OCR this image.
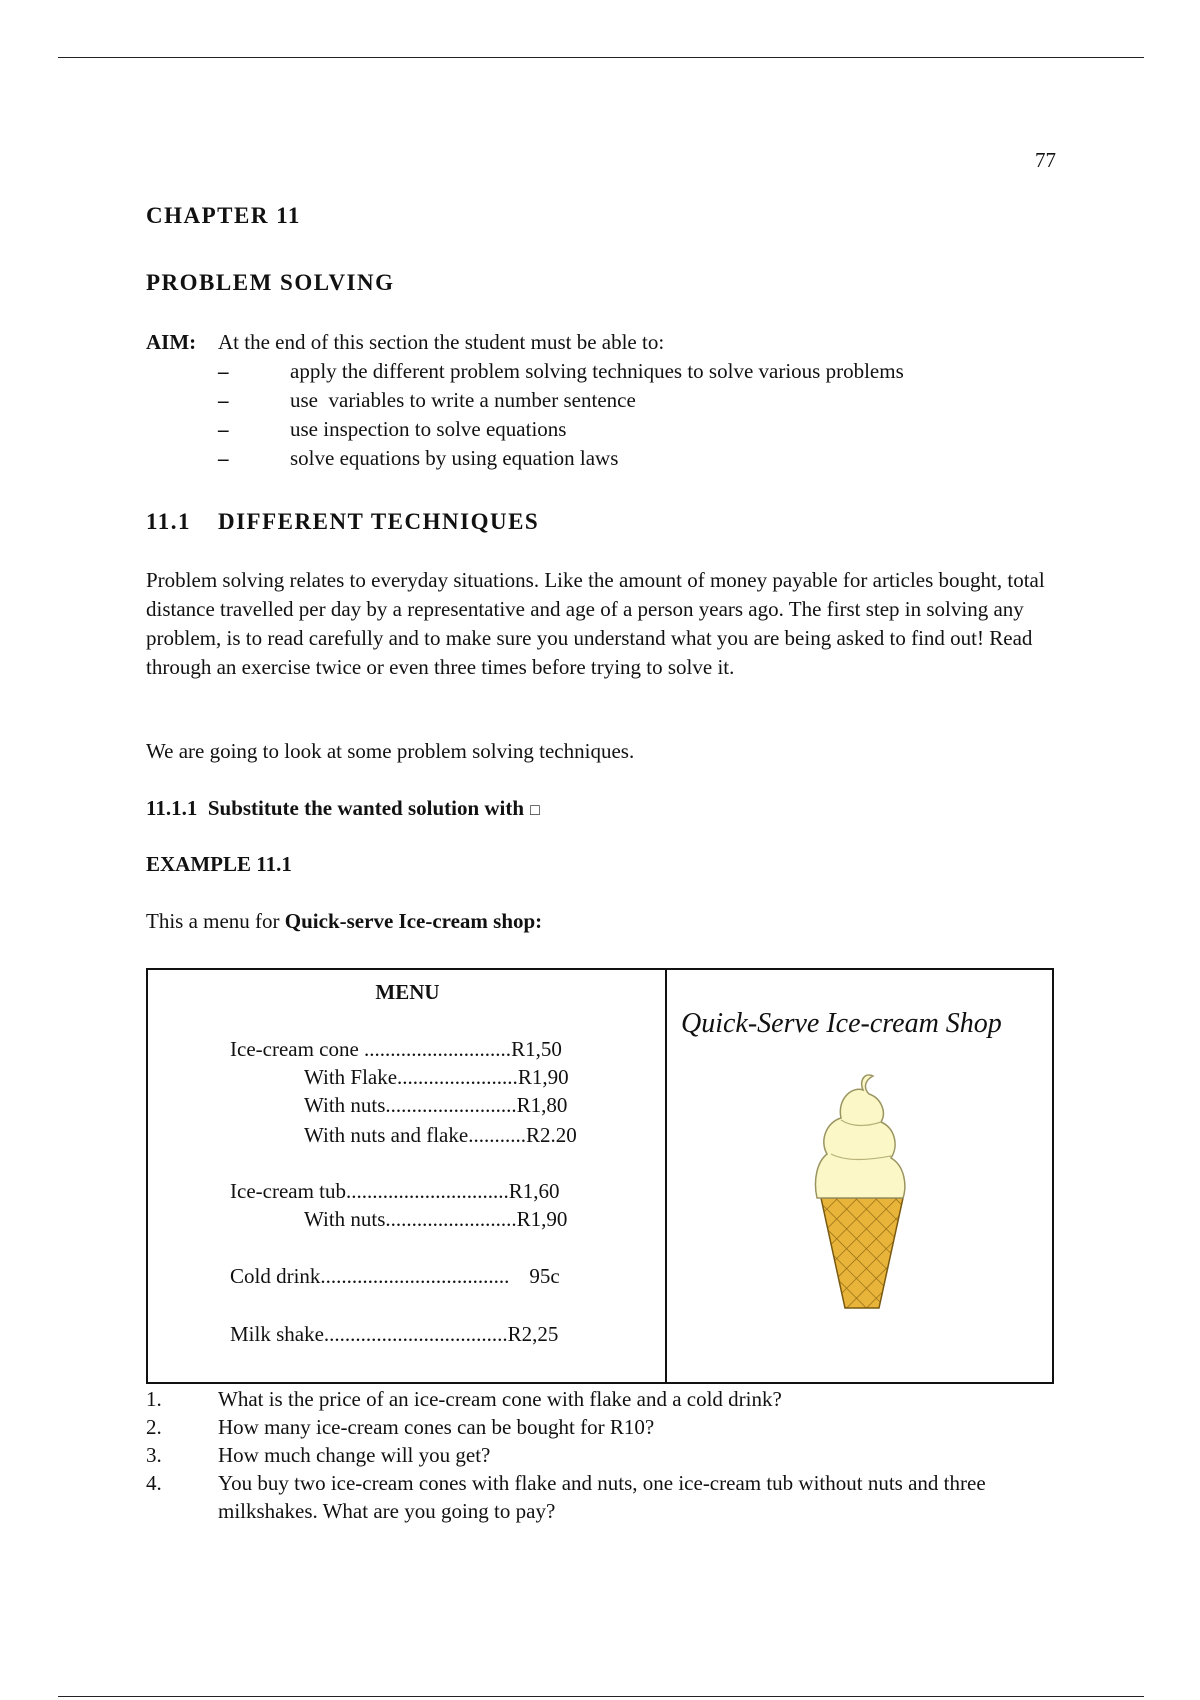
77
CHAPTER 11
PROBLEM SOLVING
AIM: At the end of this section the student must be able to:
–	apply the different problem solving techniques to solve various problems
–	use  variables to write a number sentence
–	use inspection to solve equations
–	solve equations by using equation laws
11.1 DIFFERENT TECHNIQUES
Problem solving relates to everyday situations. Like the amount of money payable for articles bought, total distance travelled per day by a representative and age of a person years ago. The first step in solving any problem, is to read carefully and to make sure you understand what you are being asked to find out! Read through an exercise twice or even three times before trying to solve it.
We are going to look at some problem solving techniques.
11.1.1  Substitute the wanted solution with □
EXAMPLE 11.1
This a menu for Quick-serve Ice-cream shop:
MENU
Ice-cream cone ............................R1,50
With Flake.......................R1,90
With nuts.........................R1,80
With nuts and flake...........R2.20
Ice-cream tub...............................R1,60
With nuts.........................R1,90
Cold drink.................................... 95c
Milk shake...................................R2,25
Quick-Serve Ice-cream Shop
1.	What is the price of an ice-cream cone with flake and a cold drink?
2.	How many ice-cream cones can be bought for R10?
3.	How much change will you get?
4.	You buy two ice-cream cones with flake and nuts, one ice-cream tub without nuts and three milkshakes. What are you going to pay?
